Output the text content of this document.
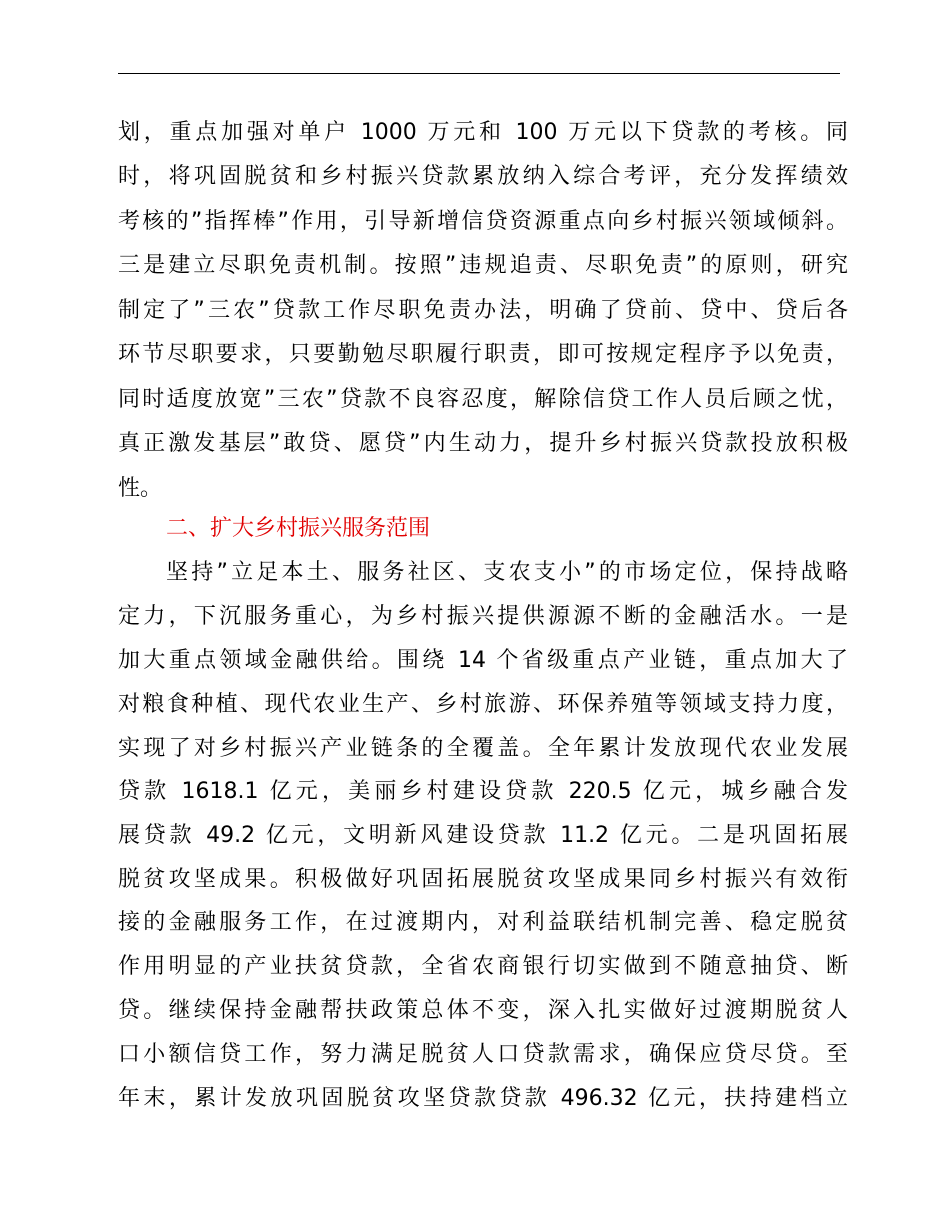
划，重点加强对单户 1000 万元和 100 万元以下贷款的考核。同

时，将巩固脱贫和乡村振兴贷款累放纳入综合考评，充分发挥绩效

考核的”指挥棒”作用，引导新增信贷资源重点向乡村振兴领域倾斜。

三是建立尽职免责机制。按照”违规追责、尽职免责”的原则，研究

制定了”三农”贷款工作尽职免责办法，明确了贷前、贷中、贷后各

环节尽职要求，只要勤勉尽职履行职责，即可按规定程序予以免责，

同时适度放宽”三农”贷款不良容忍度，解除信贷工作人员后顾之忧，

真正激发基层”敢贷、愿贷”内生动力，提升乡村振兴贷款投放积极

性。

二、扩大乡村振兴服务范围

坚持”立足本土、服务社区、支农支小”的市场定位，保持战略

定力，下沉服务重心，为乡村振兴提供源源不断的金融活水。一是

加大重点领域金融供给。围绕 14 个省级重点产业链，重点加大了

对粮食种植、现代农业生产、乡村旅游、环保养殖等领域支持力度，

实现了对乡村振兴产业链条的全覆盖。全年累计发放现代农业发展

贷款 1618.1 亿元，美丽乡村建设贷款 220.5 亿元，城乡融合发

展贷款 49.2 亿元，文明新风建设贷款 11.2 亿元。二是巩固拓展

脱贫攻坚成果。积极做好巩固拓展脱贫攻坚成果同乡村振兴有效衔

接的金融服务工作，在过渡期内，对利益联结机制完善、稳定脱贫

作用明显的产业扶贫贷款，全省农商银行切实做到不随意抽贷、断

贷。继续保持金融帮扶政策总体不变，深入扎实做好过渡期脱贫人

口小额信贷工作，努力满足脱贫人口贷款需求，确保应贷尽贷。至

年末，累计发放巩固脱贫攻坚贷款贷款 496.32 亿元，扶持建档立
